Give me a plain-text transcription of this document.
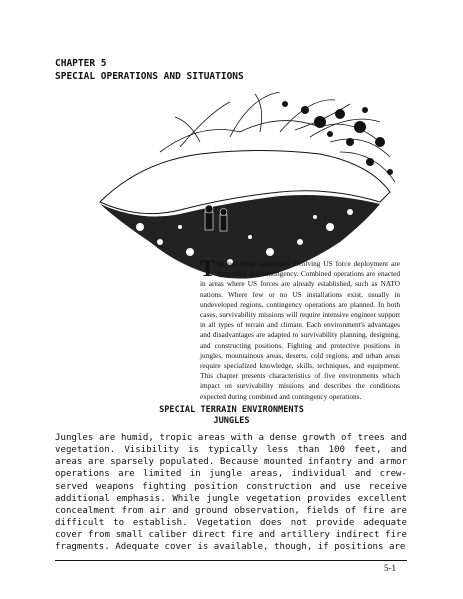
CHAPTER 5
SPECIAL OPERATIONS AND SITUATIONS
The two basic operations involving US force deployment are combined and contingency. Combined operations are enacted in areas where US forces are already established, such as NATO nations. Where few or no US installations exist, usually in undeveloped regions, contingency operations are planned. In both cases, survivability missions will require intensive engineer support in all types of terrain and climate. Each environment's advantages and disadvantages are adapted to survivability planning, designing, and constructing positions. Fighting and protective positions in jungles, mountainous areas, deserts, cold regions, and urban areas require specialized knowledge, skills, techniques, and equipment. This chapter presents characteristics of five environments which impact on survivability missions and describes the conditions expected during combined and contingency operations.
SPECIAL TERRAIN ENVIRONMENTS
JUNGLES
Jungles are humid, tropic areas with a dense growth of trees and vegetation. Visibility is typically less than 100 feet, and areas are sparsely populated. Because mounted infantry and armor operations are limited in jungle areas, individual and crew-served weapons fighting position construction and use receive additional emphasis. While jungle vegetation provides excellent concealment from air and ground observation, fields of fire are difficult to establish. Vegetation does not provide adequate cover from small caliber direct fire and artillery indirect fire fragments. Adequate cover is available, though, if positions are
5-1
